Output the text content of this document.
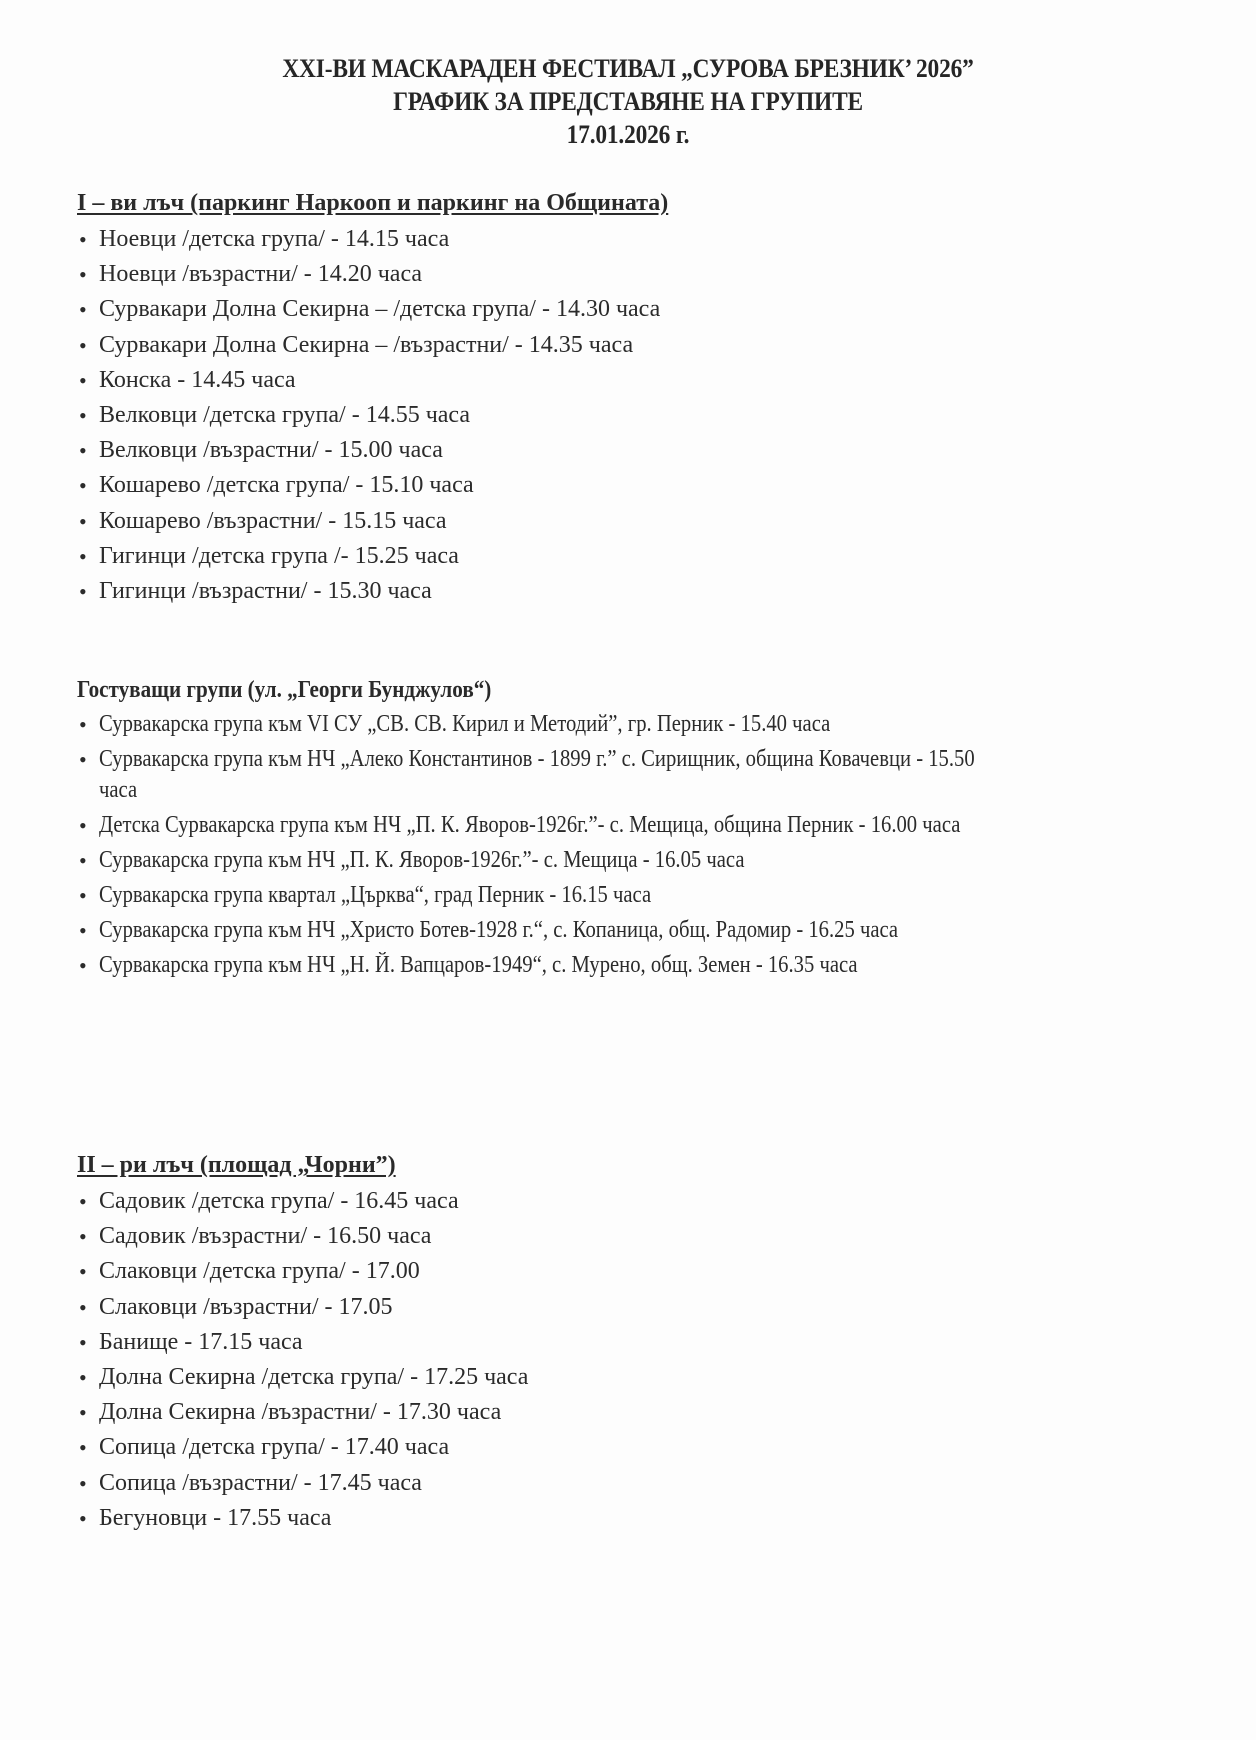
XXI-ВИ МАСКАРАДЕН ФЕСТИВАЛ „СУРОВА БРЕЗНИК’ 2026”
ГРАФИК ЗА ПРЕДСТАВЯНЕ НА ГРУПИТЕ
17.01.2026 г.
I – ви лъч (паркинг Наркооп и паркинг на Общината)
• Ноевци /детска група/ - 14.15 часа
• Ноевци /възрастни/ - 14.20 часа
• Сурвакари Долна Секирна – /детска група/ - 14.30 часа
• Сурвакари Долна Секирна – /възрастни/ - 14.35 часа
• Конска - 14.45 часа
• Велковци /детска група/ - 14.55 часа
• Велковци /възрастни/ - 15.00 часа
• Кошарево /детска група/ - 15.10 часа
• Кошарево /възрастни/ - 15.15 часа
• Гигинци /детска група /- 15.25 часа
• Гигинци /възрастни/ - 15.30 часа
Гостуващи групи (ул. „Георги Бунджулов“)
• Сурвакарска група към VI СУ „СВ. СВ. Кирил и Методий”, гр. Перник - 15.40 часа
• Сурвакарска група към НЧ „Алеко Константинов - 1899 г.” с. Сирищник, община Ковачевци - 15.50 часа
• Детска Сурвакарска група към НЧ „П. К. Яворов-1926г.”- с. Мещица, община Перник - 16.00 часа
• Сурвакарска група към НЧ „П. К. Яворов-1926г.”- с. Мещица - 16.05 часа
• Сурвакарска група квартал „Църква“, град Перник - 16.15 часа
• Сурвакарска група към НЧ „Христо Ботев-1928 г.“, с. Копаница, общ. Радомир - 16.25 часа
• Сурвакарска група към НЧ „Н. Й. Вапцаров-1949“, с. Мурено, общ. Земен - 16.35 часа
II – ри лъч (площад „Чорни”)
• Садовик /детска група/ - 16.45 часа
• Садовик /възрастни/ - 16.50 часа
• Слаковци /детска група/ - 17.00
• Слаковци /възрастни/ - 17.05
• Банище - 17.15 часа
• Долна Секирна /детска група/ - 17.25 часа
• Долна Секирна /възрастни/ - 17.30 часа
• Сопица /детска група/ - 17.40 часа
• Сопица /възрастни/ - 17.45 часа
• Бегуновци - 17.55 часа
